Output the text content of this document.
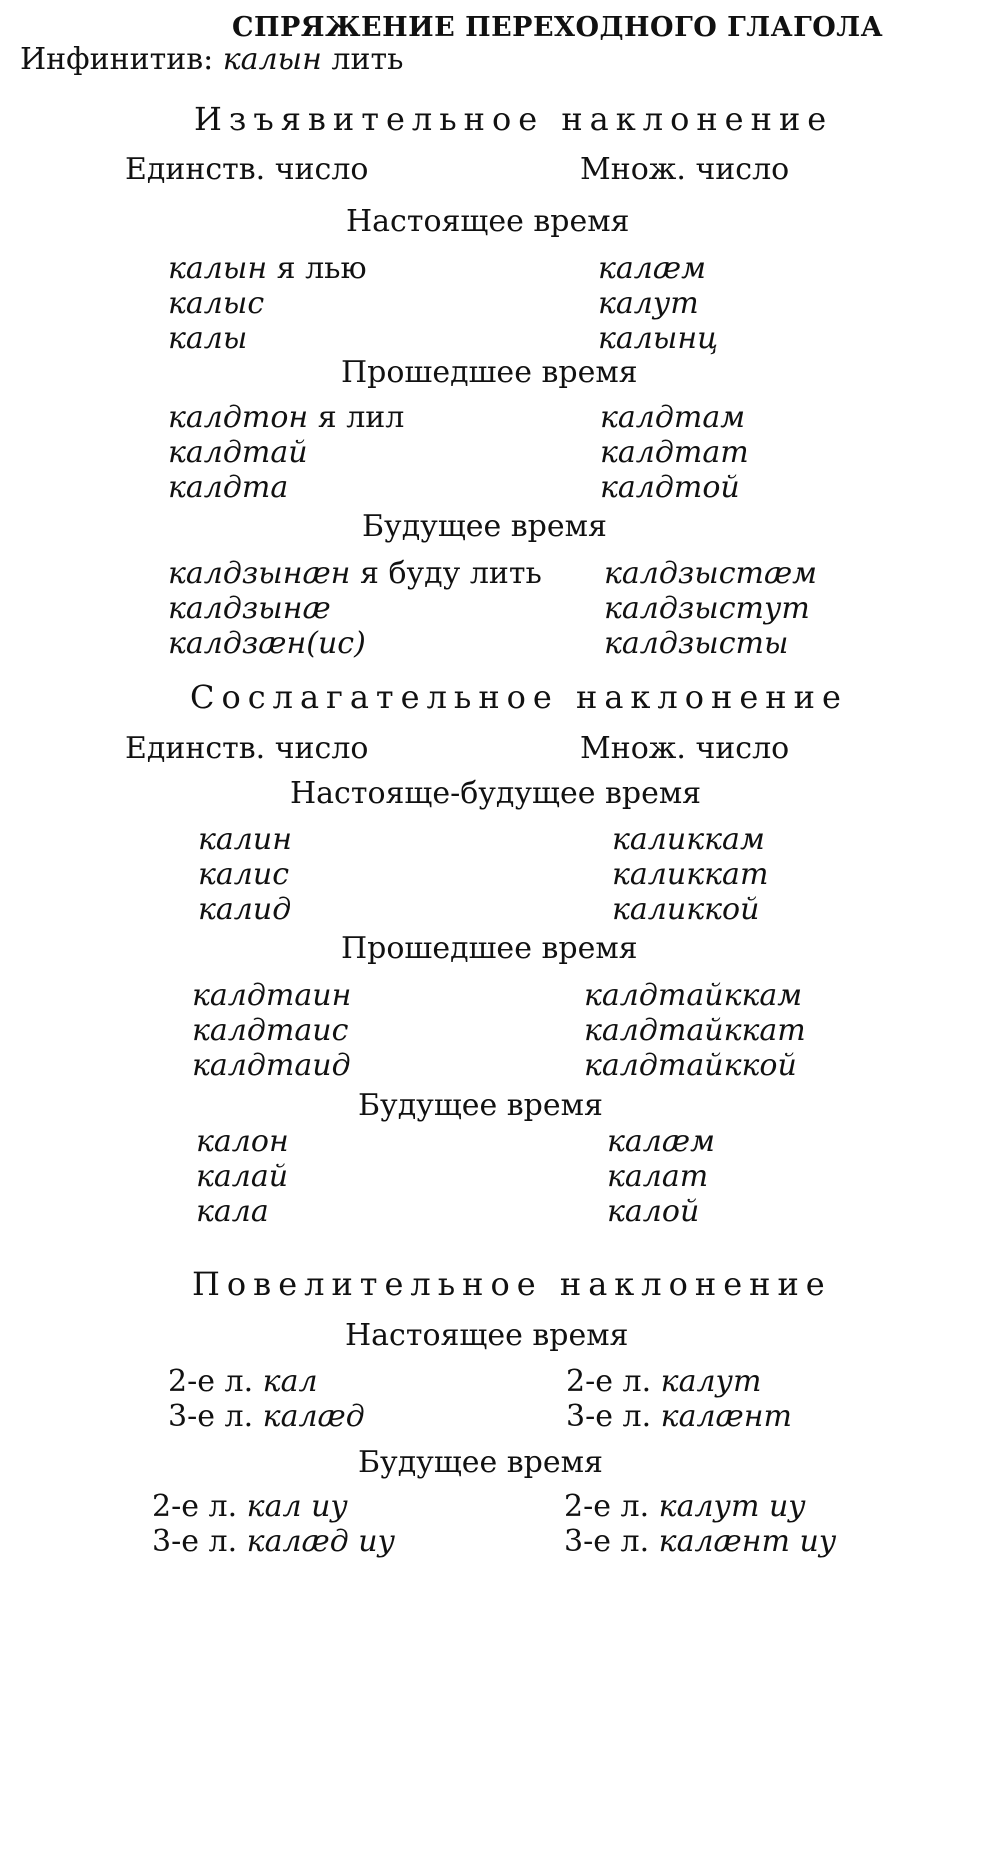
СПРЯЖЕНИЕ ПЕРЕХОДНОГО ГЛАГОЛА
Инфинитив: калын лить
Изъявительное наклонение
Единств. число	Множ. число
Настоящее время
калын я лью
калыс
калы
калæм
калут
калынц
Прошедшее время
калдтон я лил
калдтай
калдта
калдтам
калдтат
калдтой
Будущее время
калдзынæн я буду лить
калдзынæ
калдзæн(ис)
калдзыстæм
калдзыстут
калдзысты
Сослагательное наклонение
Единств. число	Множ. число
Настояще-будущее время
калин
калис
калид
каликкам
каликкат
каликкой
Прошедшее время
калдтаин
калдтаис
калдтаид
калдтайккам
калдтайккат
калдтайккой
Будущее время
калон
калай
кала
калæм
калат
калой
Повелительное наклонение
Настоящее время
2-е л. кал
3-е л. калæд
2-е л. калут
3-е л. калæнт
Будущее время
2-е л. кал иу
3-е л. калæд иу
2-е л. калут иу
3-е л. калæнт иу
